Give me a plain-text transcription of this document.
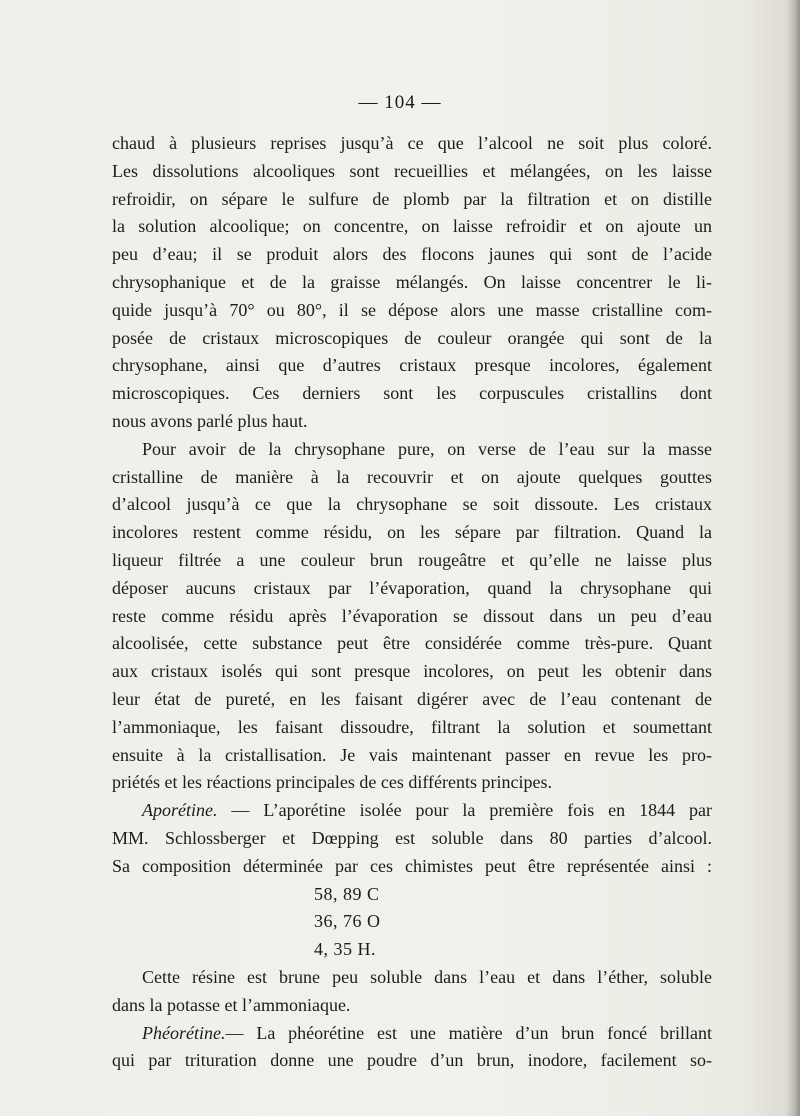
— 104 —
chaud à plusieurs reprises jusqu’à ce que l’alcool ne soit plus coloré.
Les dissolutions alcooliques sont recueillies et mélangées, on les laisse
refroidir, on sépare le sulfure de plomb par la filtration et on distille
la solution alcoolique; on concentre, on laisse refroidir et on ajoute un
peu d’eau; il se produit alors des flocons jaunes qui sont de l’acide
chrysophanique et de la graisse mélangés. On laisse concentrer le li-
quide jusqu’à 70° ou 80°, il se dépose alors une masse cristalline com-
posée de cristaux microscopiques de couleur orangée qui sont de la
chrysophane, ainsi que d’autres cristaux presque incolores, également
microscopiques. Ces derniers sont les corpuscules cristallins dont
nous avons parlé plus haut.
Pour avoir de la chrysophane pure, on verse de l’eau sur la masse
cristalline de manière à la recouvrir et on ajoute quelques gouttes
d’alcool jusqu’à ce que la chrysophane se soit dissoute. Les cristaux
incolores restent comme résidu, on les sépare par filtration. Quand la
liqueur filtrée a une couleur brun rougeâtre et qu’elle ne laisse plus
déposer aucuns cristaux par l’évaporation, quand la chrysophane qui
reste comme résidu après l’évaporation se dissout dans un peu d’eau
alcoolisée, cette substance peut être considérée comme très-pure. Quant
aux cristaux isolés qui sont presque incolores, on peut les obtenir dans
leur état de pureté, en les faisant digérer avec de l’eau contenant de
l’ammoniaque, les faisant dissoudre, filtrant la solution et soumettant
ensuite à la cristallisation. Je vais maintenant passer en revue les pro-
priétés et les réactions principales de ces différents principes.
Aporétine. — L’aporétine isolée pour la première fois en 1844 par
MM. Schlossberger et Dœpping est soluble dans 80 parties d’alcool.
Sa composition déterminée par ces chimistes peut être représentée ainsi :
58, 89 C
36, 76 O
4, 35 H.
Cette résine est brune peu soluble dans l’eau et dans l’éther, soluble
dans la potasse et l’ammoniaque.
Phéorétine.— La phéorétine est une matière d’un brun foncé brillant
qui par trituration donne une poudre d’un brun, inodore, facilement so-
